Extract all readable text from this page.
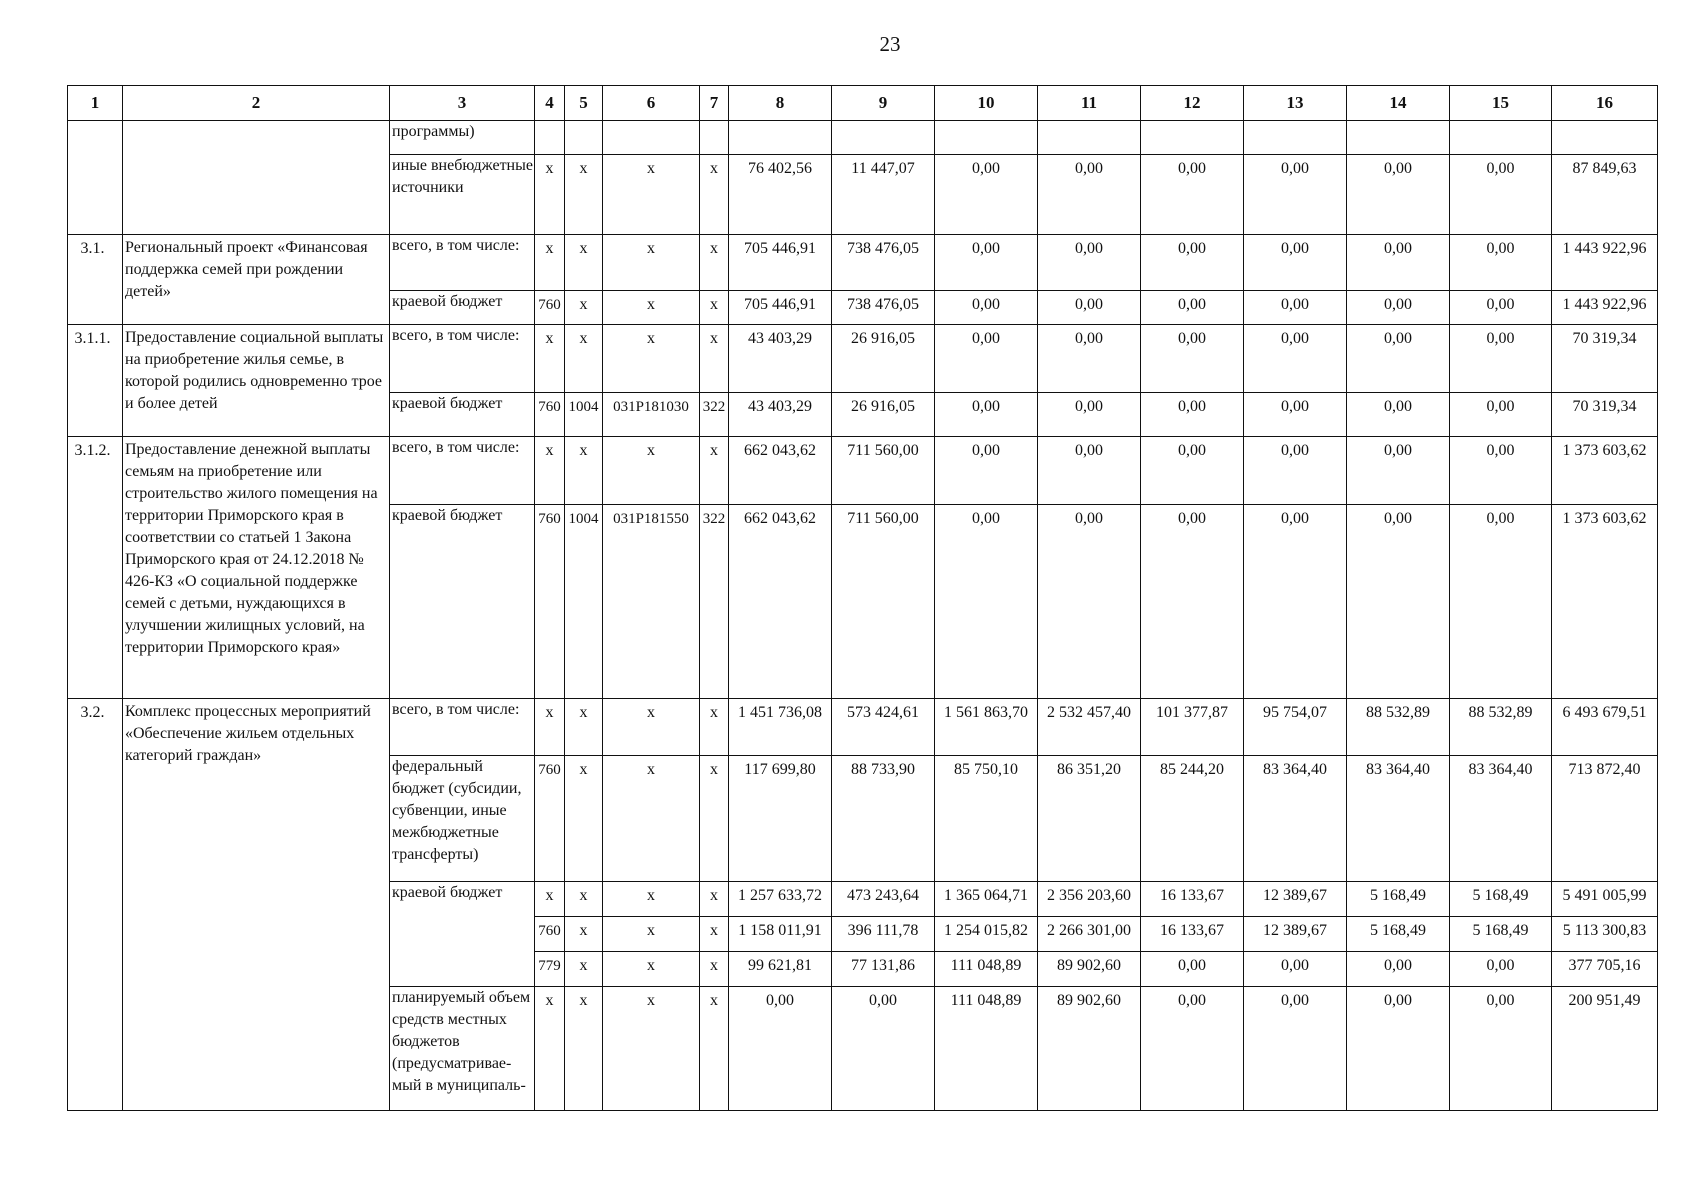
23
1	2	3	4	5	6	7	8	9	10	11	12	13	14	15	16
		программы)													
		иные внебюджетные источники	x	x	x	x	76 402,56	11 447,07	0,00	0,00	0,00	0,00	0,00	0,00	87 849,63
3.1.	Региональный проект «Финансовая поддержка семей при рождении детей»	всего, в том числе:	x	x	x	x	705 446,91	738 476,05	0,00	0,00	0,00	0,00	0,00	0,00	1 443 922,96
		краевой бюджет	760	x	x	x	705 446,91	738 476,05	0,00	0,00	0,00	0,00	0,00	0,00	1 443 922,96
3.1.1.	Предоставление социальной выплаты на приобретение жилья семье, в которой родились одновременно трое и более детей	всего, в том числе:	x	x	x	x	43 403,29	26 916,05	0,00	0,00	0,00	0,00	0,00	0,00	70 319,34
		краевой бюджет	760	1004	031P181030	322	43 403,29	26 916,05	0,00	0,00	0,00	0,00	0,00	0,00	70 319,34
3.1.2.	Предоставление денежной выплаты семьям на приобретение или строительство жилого помещения на территории Приморского края в соответствии со статьей 1 Закона Приморского края от 24.12.2018 № 426-КЗ «О социальной поддержке семей с детьми, нуждающихся в улучшении жилищных условий, на территории Приморского края»	всего, в том числе:	x	x	x	x	662 043,62	711 560,00	0,00	0,00	0,00	0,00	0,00	0,00	1 373 603,62
		краевой бюджет	760	1004	031P181550	322	662 043,62	711 560,00	0,00	0,00	0,00	0,00	0,00	0,00	1 373 603,62
3.2.	Комплекс процессных мероприятий «Обеспечение жильем отдельных категорий граждан»	всего, в том числе:	x	x	x	x	1 451 736,08	573 424,61	1 561 863,70	2 532 457,40	101 377,87	95 754,07	88 532,89	88 532,89	6 493 679,51
		федеральный бюджет (субсидии, субвенции, иные межбюджетные трансферты)	760	x	x	x	117 699,80	88 733,90	85 750,10	86 351,20	85 244,20	83 364,40	83 364,40	83 364,40	713 872,40
		краевой бюджет	x	x	x	x	1 257 633,72	473 243,64	1 365 064,71	2 356 203,60	16 133,67	12 389,67	5 168,49	5 168,49	5 491 005,99
			760	x	x	x	1 158 011,91	396 111,78	1 254 015,82	2 266 301,00	16 133,67	12 389,67	5 168,49	5 168,49	5 113 300,83
			779	x	x	x	99 621,81	77 131,86	111 048,89	89 902,60	0,00	0,00	0,00	0,00	377 705,16
		планируемый объем средств местных бюджетов (предусматривае-мый в муниципаль-	x	x	x	x	0,00	0,00	111 048,89	89 902,60	0,00	0,00	0,00	0,00	200 951,49
